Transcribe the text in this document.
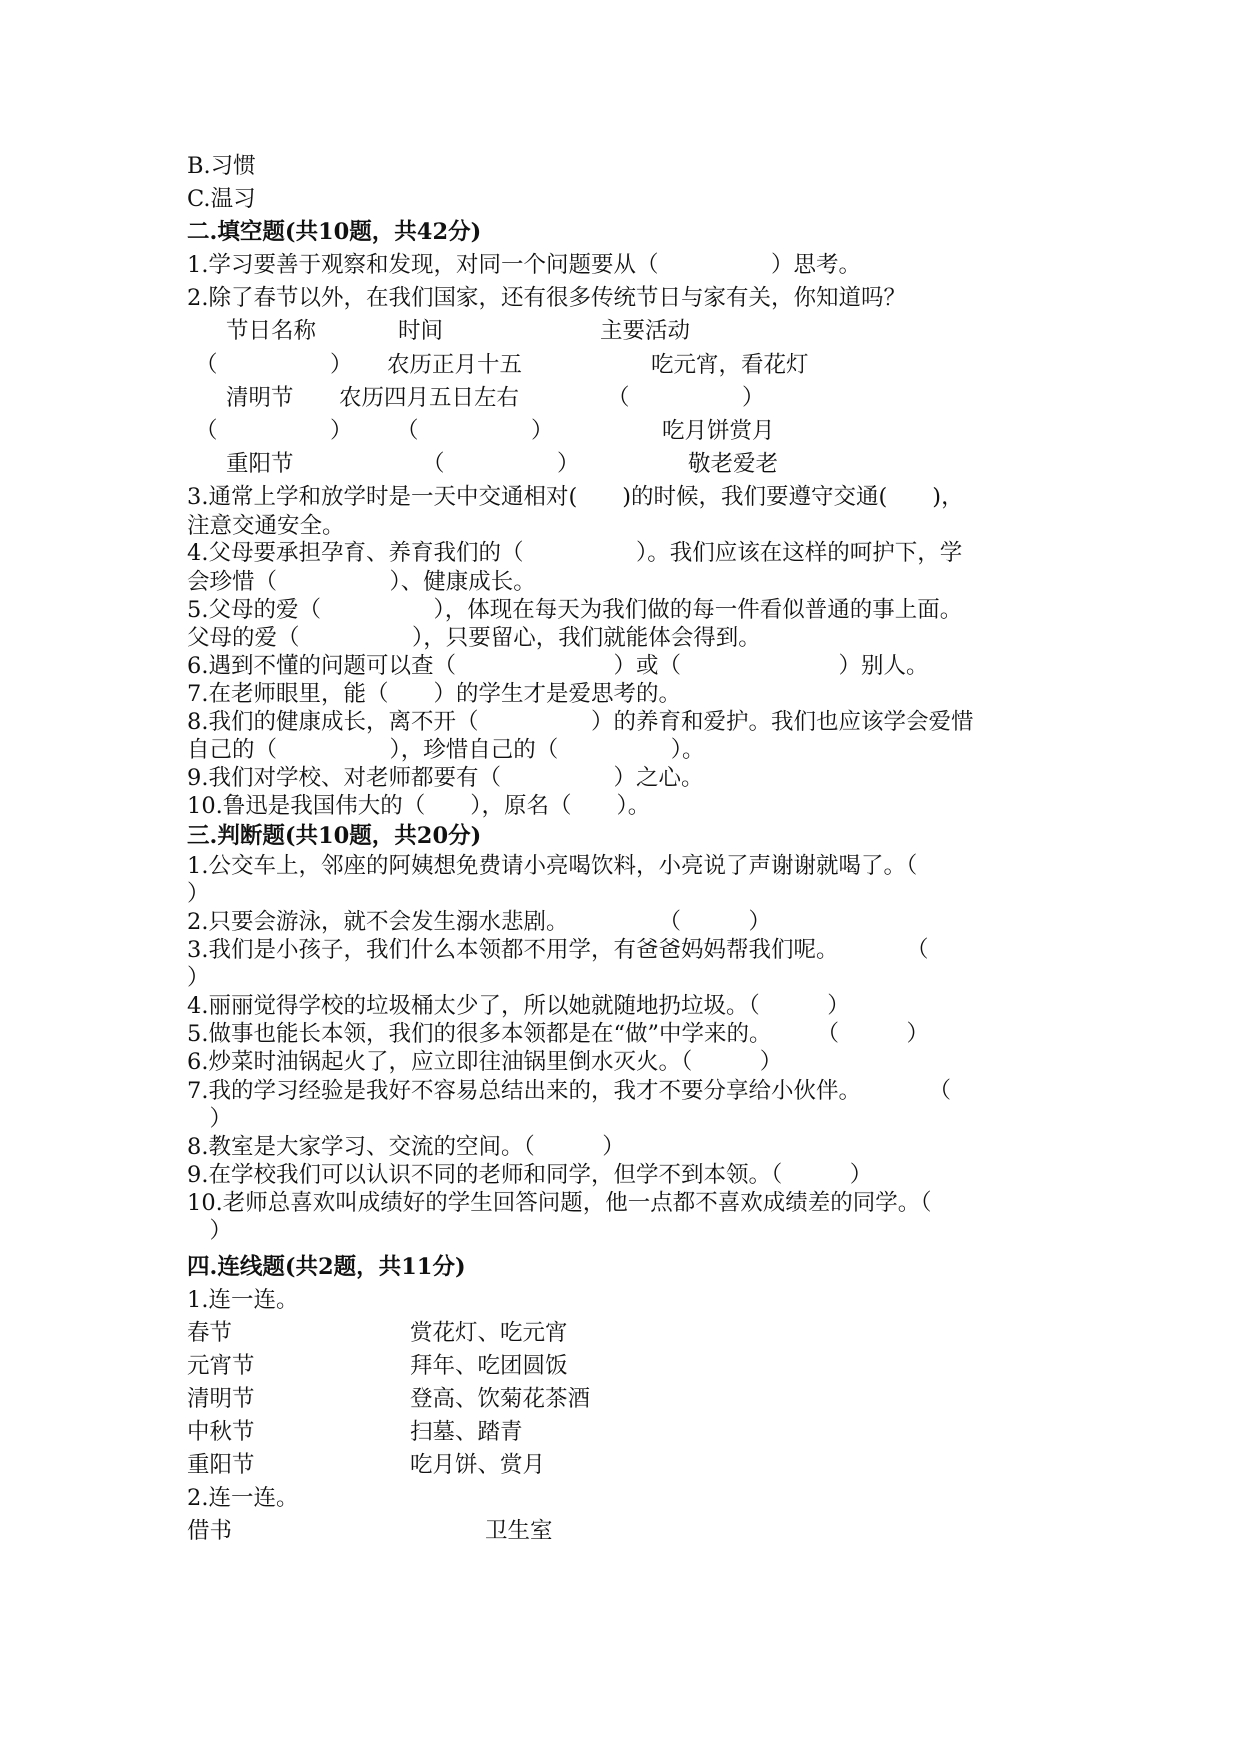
B.习惯
C.温习
二.填空题(共10题，共42分)
1.学习要善于观察和发现，对同一个问题要从（　　　　　）思考。
2.除了春节以外，在我们国家，还有很多传统节日与家有关，你知道吗？
节日名称	时间	主要活动
（　　　　　） 农历正月十五	吃元宵，看花灯
清明节 农历四月五日左右	（　　　　　）
（　　　　　） （　　　　　）	吃月饼赏月
重阳节	（　　　　　）	敬老爱老
3.通常上学和放学时是一天中交通相对(　　)的时候，我们要遵守交通(　　)，
注意交通安全。
4.父母要承担孕育、养育我们的（　　　　　）。我们应该在这样的呵护下，学
会珍惜（　　　　　）、健康成长。
5.父母的爱（　　　　　），体现在每天为我们做的每一件看似普通的事上面。
父母的爱（　　　　　），只要留心，我们就能体会得到。
6.遇到不懂的问题可以查（　　　　　　　）或（　　　　　　　）别人。
7.在老师眼里，能（　　）的学生才是爱思考的。
8.我们的健康成长，离不开（　　　　　）的养育和爱护。我们也应该学会爱惜
自己的（　　　　　），珍惜自己的（　　　　　）。
9.我们对学校、对老师都要有（　　　　　）之心。
10.鲁迅是我国伟大的（　　），原名（　　）。
三.判断题(共10题，共20分)
1.公交车上，邻座的阿姨想免费请小亮喝饮料，小亮说了声谢谢就喝了。（
）
2.只要会游泳，就不会发生溺水悲剧。　　　　　（　　　）
3.我们是小孩子，我们什么本领都不用学，有爸爸妈妈帮我们呢。　　　　（
）
4.丽丽觉得学校的垃圾桶太少了，所以她就随地扔垃圾。（　　　）
5.做事也能长本领，我们的很多本领都是在“做”中学来的。　　　（　　　）
6.炒菜时油锅起火了，应立即往油锅里倒水灭火。（　　　）
7.我的学习经验是我好不容易总结出来的，我才不要分享给小伙伴。　　　　（
　）
8.教室是大家学习、交流的空间。（　　　）
9.在学校我们可以认识不同的老师和同学，但学不到本领。（　　　）
10.老师总喜欢叫成绩好的学生回答问题，他一点都不喜欢成绩差的同学。（
　）
四.连线题(共2题，共11分)
1.连一连。
春节	赏花灯、吃元宵
元宵节	拜年、吃团圆饭
清明节	登高、饮菊花茶酒
中秋节	扫墓、踏青
重阳节	吃月饼、赏月
2.连一连。
借书	卫生室
